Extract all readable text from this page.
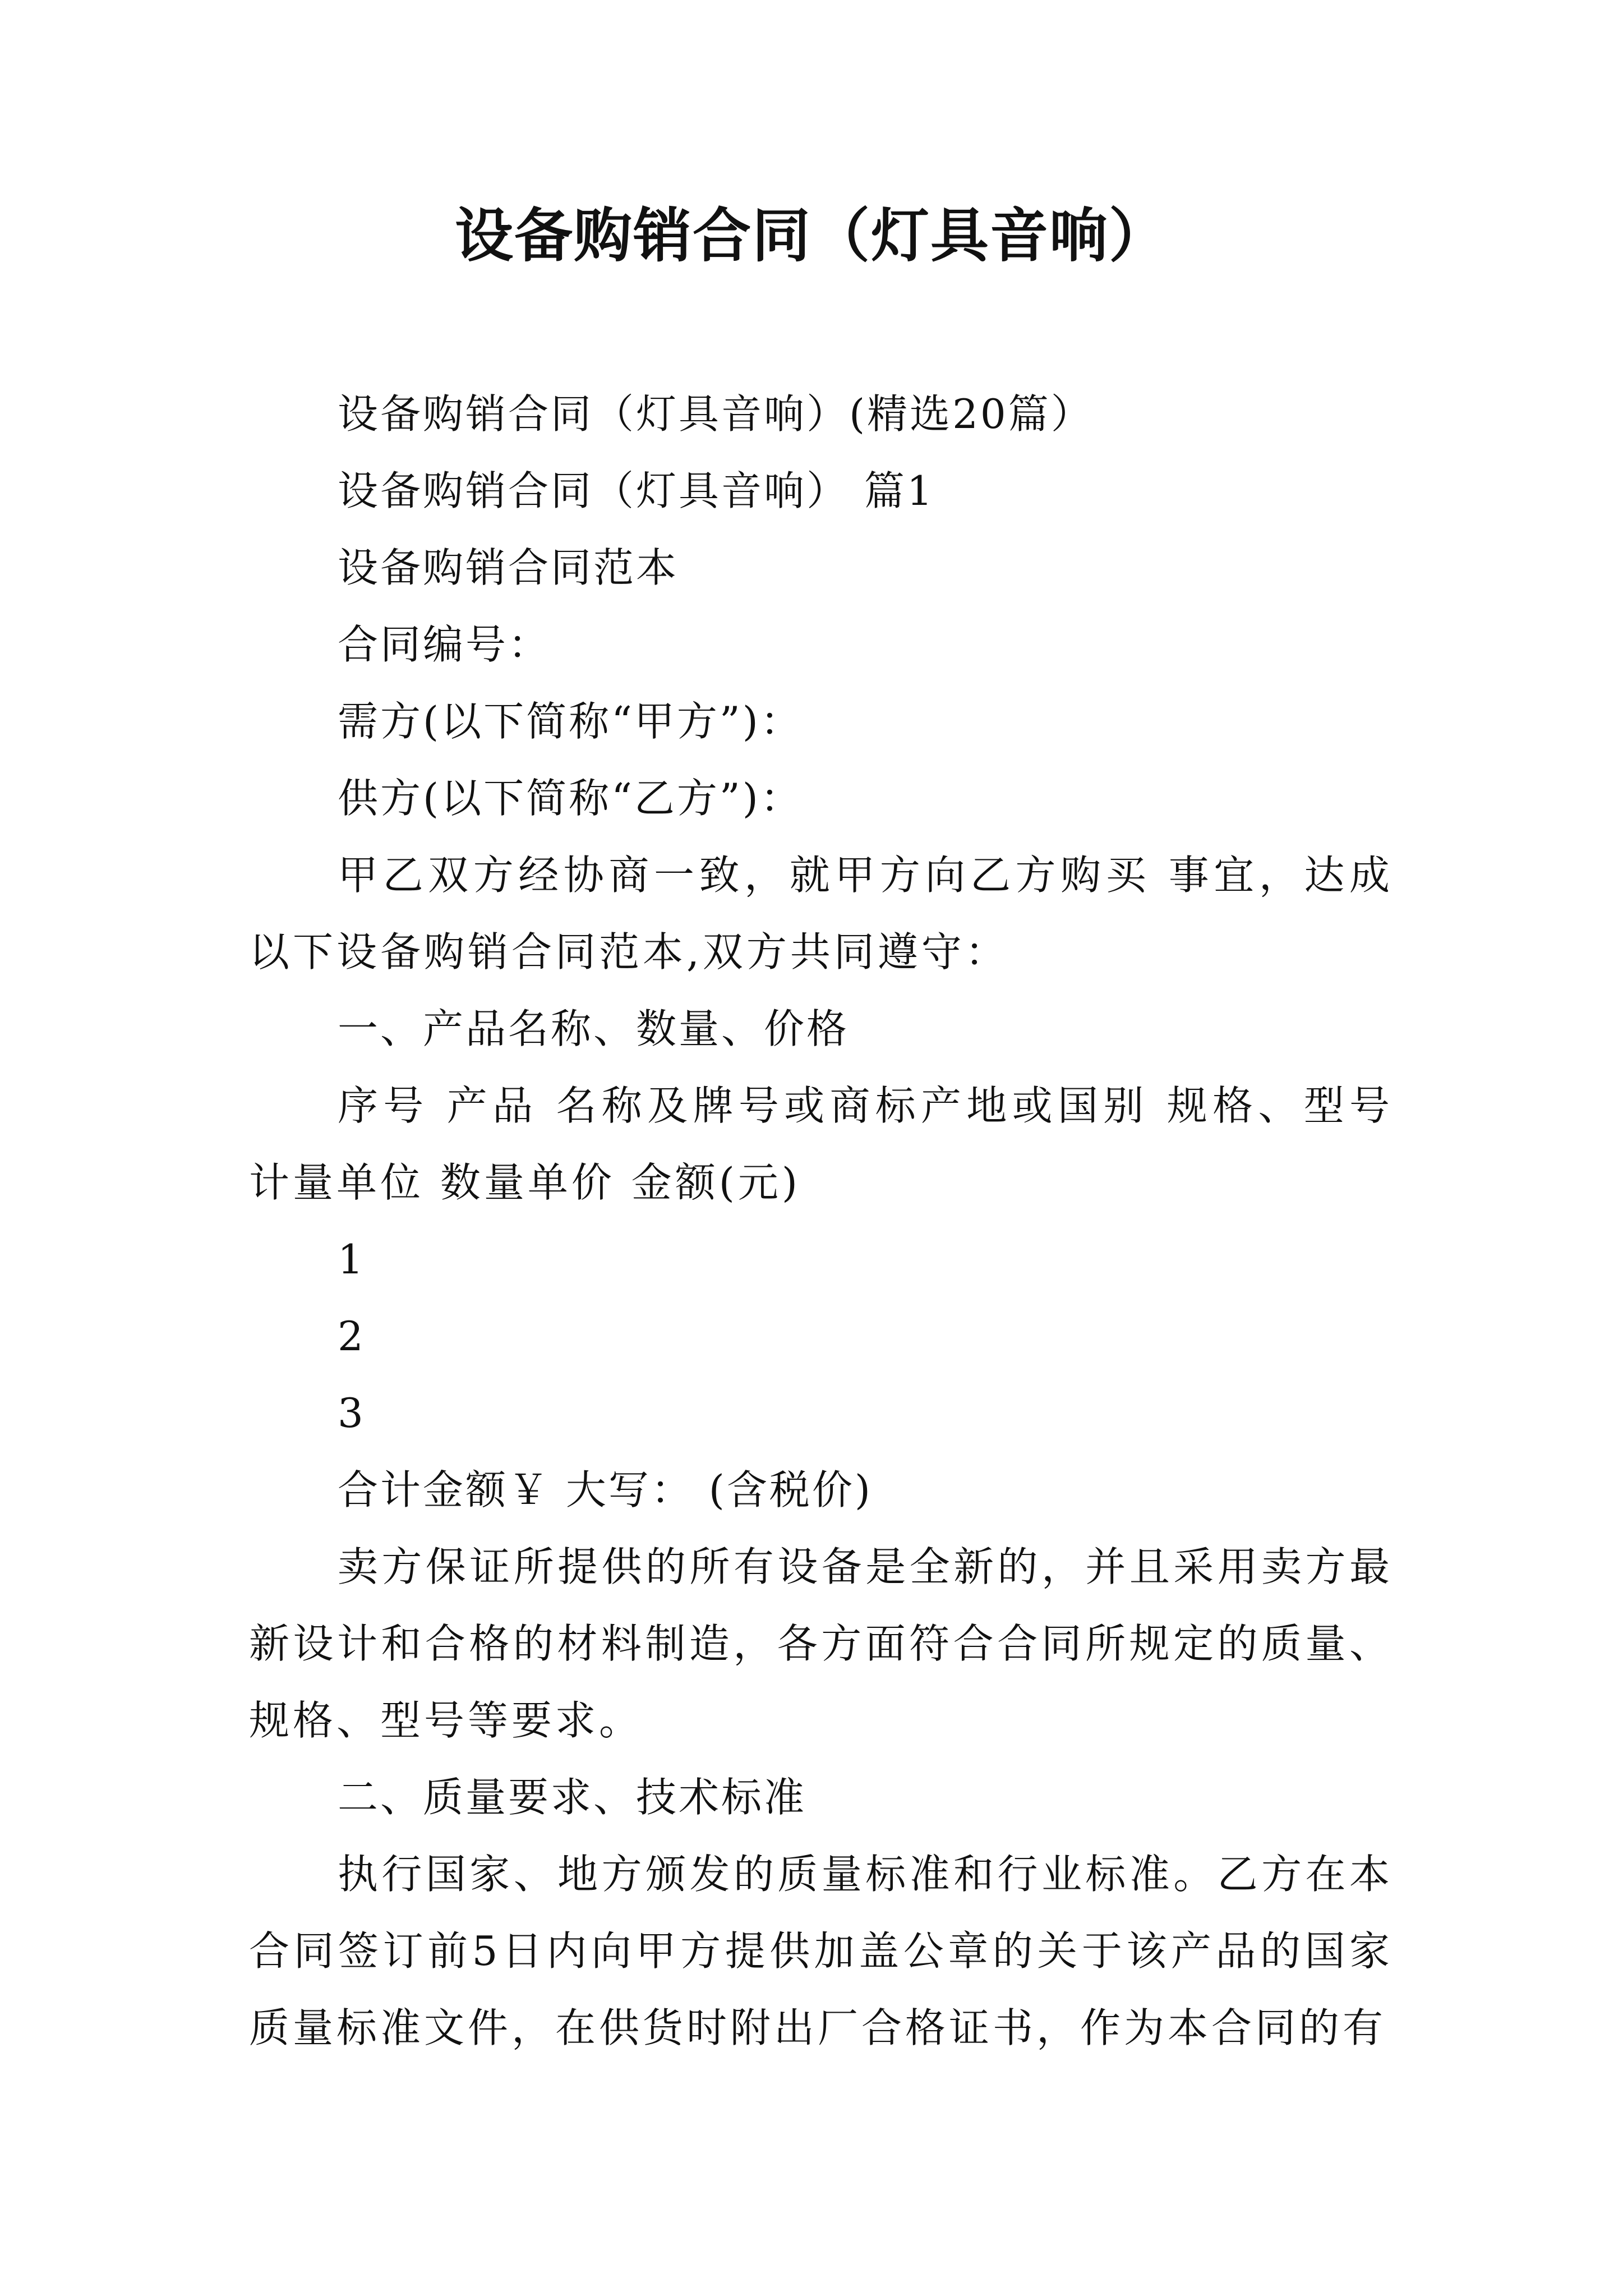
设备购销合同（灯具音响）

设备购销合同（灯具音响）(精选20篇）

设备购销合同（灯具音响） 篇1

设备购销合同范本

合同编号：

需方(以下简称“甲方”)：

供方(以下简称“乙方”)：

甲乙双方经协商一致，就甲方向乙方购买 事宜，达成以下设备购销合同范本,双方共同遵守：

一、产品名称、数量、价格

序号 产品 名称及牌号或商标产地或国别 规格、型号 计量单位 数量单价 金额(元)

1

2

3

合计金额￥ 大写： (含税价)

卖方保证所提供的所有设备是全新的，并且采用卖方最新设计和合格的材料制造，各方面符合合同所规定的质量、规格、型号等要求。

二、质量要求、技术标准

执行国家、地方颁发的质量标准和行业标准。乙方在本合同签订前5日内向甲方提供加盖公章的关于该产品的国家质量标准文件，在供货时附出厂合格证书，作为本合同的有
